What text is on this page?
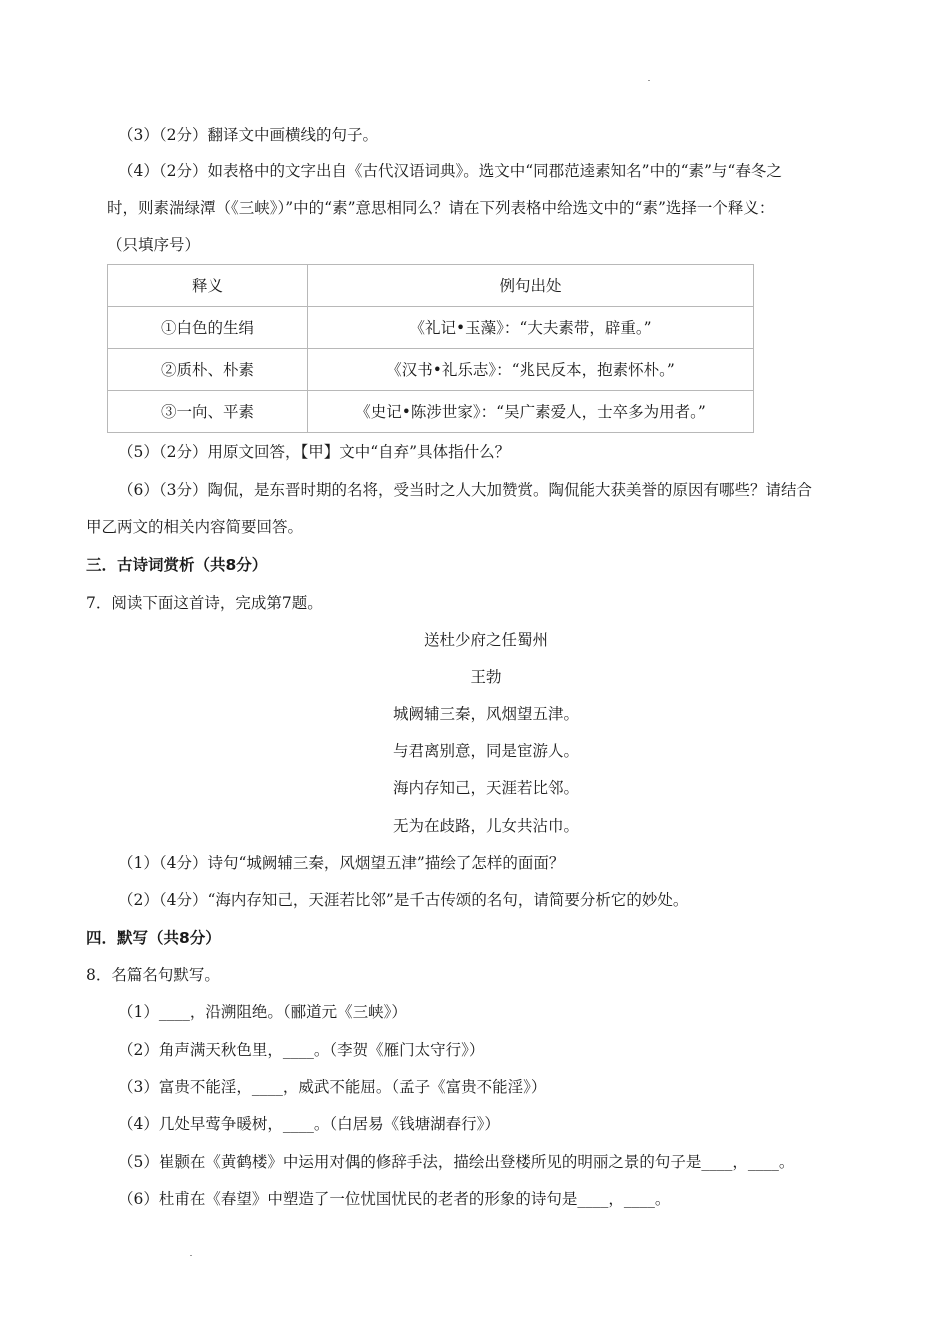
（3）（2分）翻译文中画横线的句子。
（4）（2分）如表格中的文字出自《古代汉语词典》。选文中“同郡范逵素知名”中的“素”与“春冬之
时，则素湍绿潭（《三峡》）”中的“素”意思相同么？请在下列表格中给选文中的“素”选择一个释义：
（只填序号）
释义	例句出处
①白色的生绢	《礼记•玉藻》：“大夫素带，辟重。”
②质朴、朴素	《汉书•礼乐志》：“兆民反本，抱素怀朴。”
③一向、平素	《史记•陈涉世家》：“吴广素爱人，士卒多为用者。”
（5）（2分）用原文回答，【甲】文中“自弃”具体指什么？
（6）（3分）陶侃，是东晋时期的名将，受当时之人大加赞赏。陶侃能大获美誉的原因有哪些？请结合
甲乙两文的相关内容简要回答。
三．古诗词赏析（共8分）
7．阅读下面这首诗，完成第7题。
送杜少府之任蜀州
王勃
城阙辅三秦，风烟望五津。
与君离别意，同是宦游人。
海内存知己，天涯若比邻。
无为在歧路，儿女共沾巾。
（1）（4分）诗句“城阙辅三秦，风烟望五津”描绘了怎样的面面？
（2）（4分）“海内存知己，天涯若比邻”是千古传颂的名句，请简要分析它的妙处。
四．默写（共8分）
8．名篇名句默写。
（1）____，沿溯阻绝。（郦道元《三峡》）
（2）角声满天秋色里，____。（李贺《雁门太守行》）
（3）富贵不能淫，____，威武不能屈。（孟子《富贵不能淫》）
（4）几处早莺争暖树，____。（白居易《钱塘湖春行》）
（5）崔颢在《黄鹤楼》中运用对偶的修辞手法，描绘出登楼所见的明丽之景的句子是____，____。
（6）杜甫在《春望》中塑造了一位忧国忧民的老者的形象的诗句是____，____。
